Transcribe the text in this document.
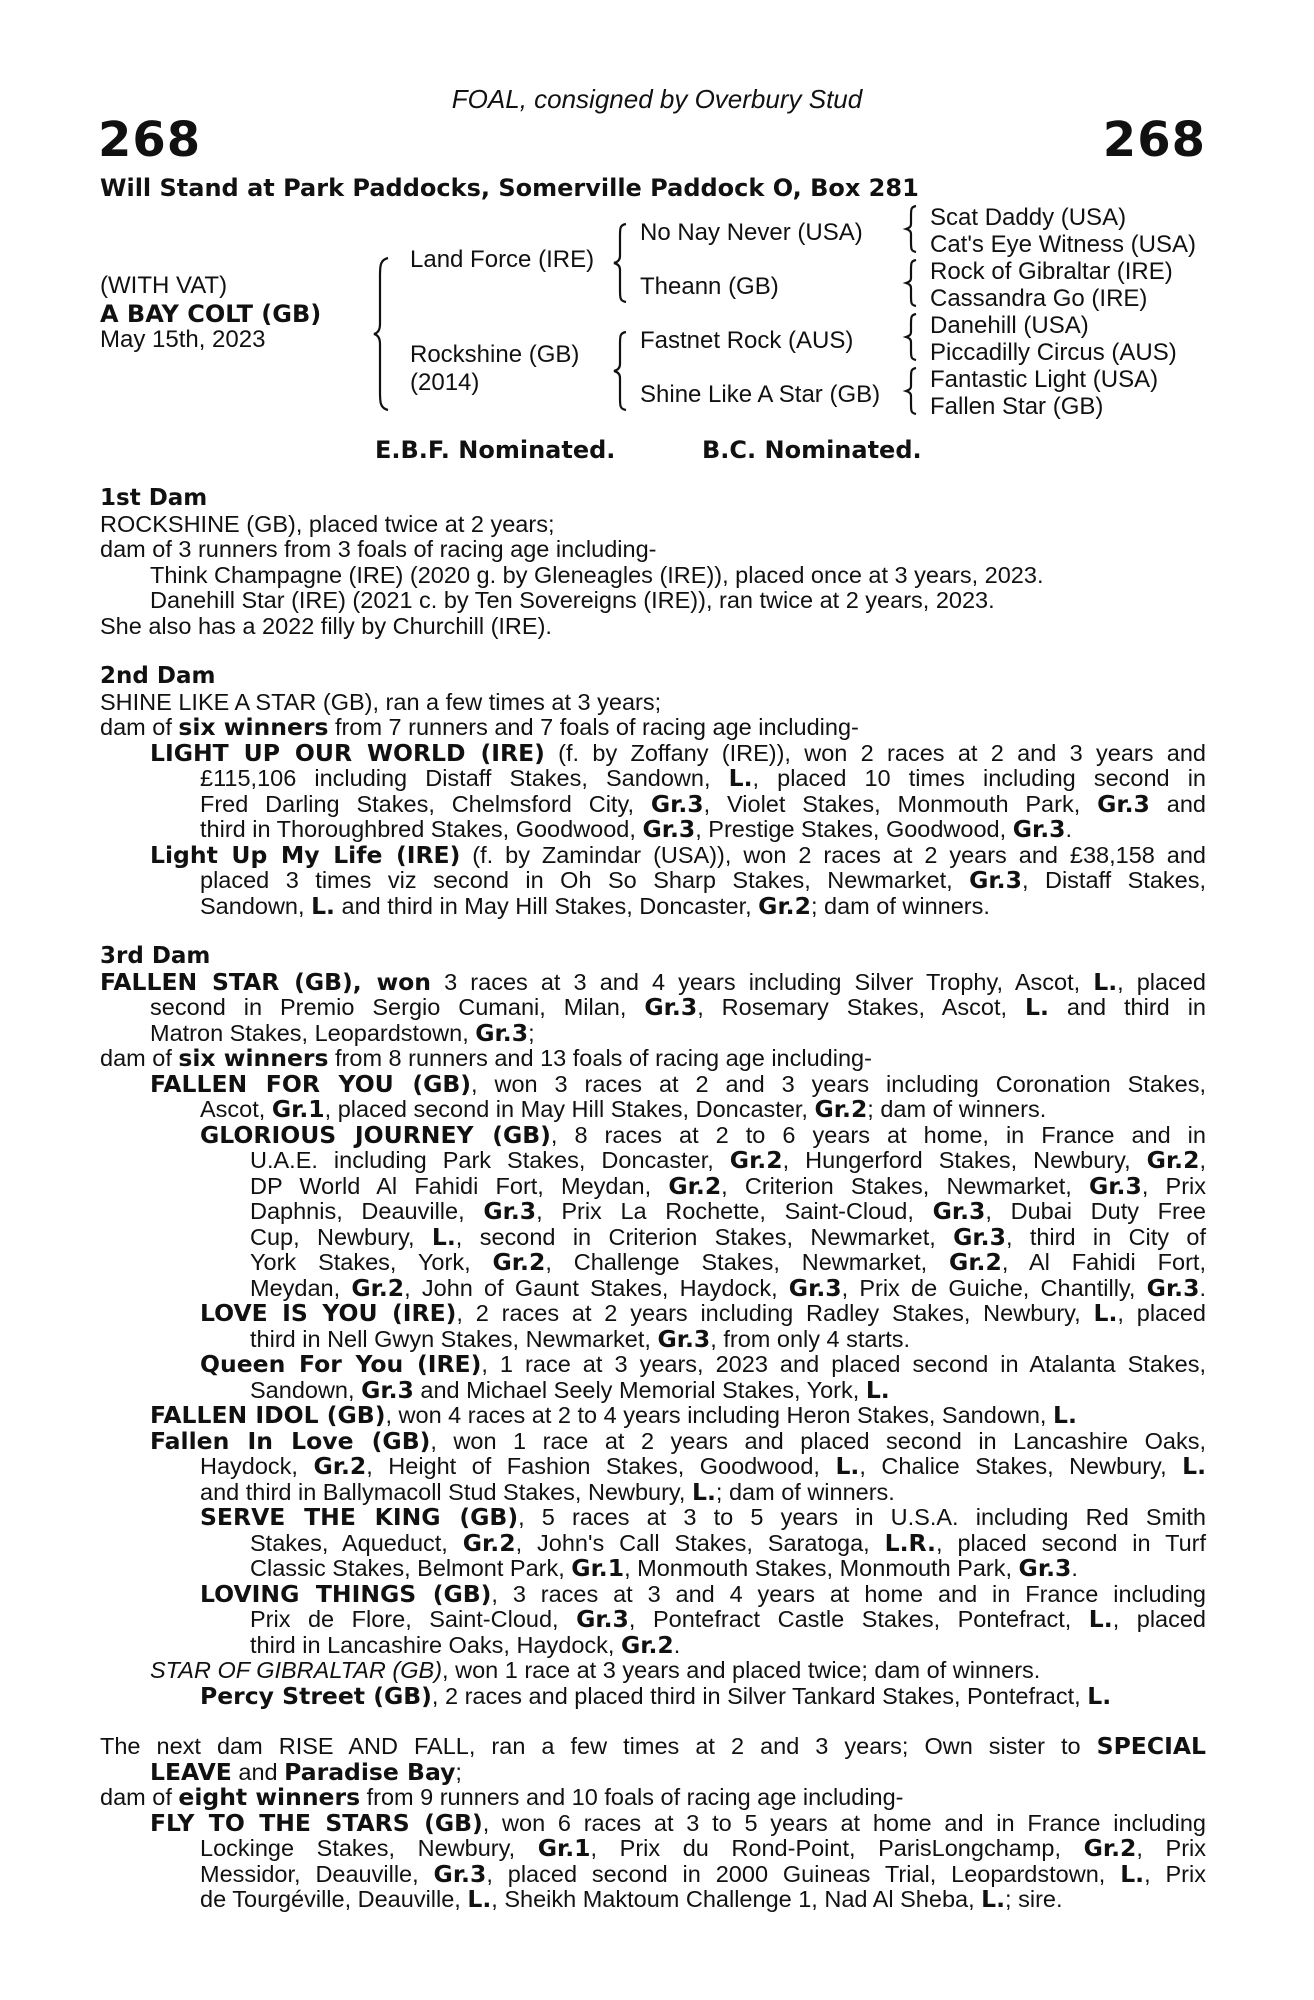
FOAL, consigned by Overbury Stud
268	268
Will Stand at Park Paddocks, Somerville Paddock O, Box 281
(WITH VAT)
A BAY COLT (GB)
May 15th, 2023
Land Force (IRE)
Rockshine (GB)
(2014)
No Nay Never (USA)
Theann (GB)
Fastnet Rock (AUS)
Shine Like A Star (GB)
Scat Daddy (USA)
Cat's Eye Witness (USA)
Rock of Gibraltar (IRE)
Cassandra Go (IRE)
Danehill (USA)
Piccadilly Circus (AUS)
Fantastic Light (USA)
Fallen Star (GB)
E.B.F. Nominated.	B.C. Nominated.
1st Dam
ROCKSHINE (GB), placed twice at 2 years;
dam of 3 runners from 3 foals of racing age including-
Think Champagne (IRE) (2020 g. by Gleneagles (IRE)), placed once at 3 years, 2023.
Danehill Star (IRE) (2021 c. by Ten Sovereigns (IRE)), ran twice at 2 years, 2023.
She also has a 2022 filly by Churchill (IRE).
2nd Dam
SHINE LIKE A STAR (GB), ran a few times at 3 years;
dam of six winners from 7 runners and 7 foals of racing age including-
LIGHT UP OUR WORLD (IRE) (f. by Zoffany (IRE)), won 2 races at 2 and 3 years and
£115,106 including Distaff Stakes, Sandown, L., placed 10 times including second in
Fred Darling Stakes, Chelmsford City, Gr.3, Violet Stakes, Monmouth Park, Gr.3 and
third in Thoroughbred Stakes, Goodwood, Gr.3, Prestige Stakes, Goodwood, Gr.3.
Light Up My Life (IRE) (f. by Zamindar (USA)), won 2 races at 2 years and £38,158 and
placed 3 times viz second in Oh So Sharp Stakes, Newmarket, Gr.3, Distaff Stakes,
Sandown, L. and third in May Hill Stakes, Doncaster, Gr.2; dam of winners.
3rd Dam
FALLEN STAR (GB), won 3 races at 3 and 4 years including Silver Trophy, Ascot, L., placed
second in Premio Sergio Cumani, Milan, Gr.3, Rosemary Stakes, Ascot, L. and third in
Matron Stakes, Leopardstown, Gr.3;
dam of six winners from 8 runners and 13 foals of racing age including-
FALLEN FOR YOU (GB), won 3 races at 2 and 3 years including Coronation Stakes,
Ascot, Gr.1, placed second in May Hill Stakes, Doncaster, Gr.2; dam of winners.
GLORIOUS JOURNEY (GB), 8 races at 2 to 6 years at home, in France and in
U.A.E. including Park Stakes, Doncaster, Gr.2, Hungerford Stakes, Newbury, Gr.2,
DP World Al Fahidi Fort, Meydan, Gr.2, Criterion Stakes, Newmarket, Gr.3, Prix
Daphnis, Deauville, Gr.3, Prix La Rochette, Saint-Cloud, Gr.3, Dubai Duty Free
Cup, Newbury, L., second in Criterion Stakes, Newmarket, Gr.3, third in City of
York Stakes, York, Gr.2, Challenge Stakes, Newmarket, Gr.2, Al Fahidi Fort,
Meydan, Gr.2, John of Gaunt Stakes, Haydock, Gr.3, Prix de Guiche, Chantilly, Gr.3.
LOVE IS YOU (IRE), 2 races at 2 years including Radley Stakes, Newbury, L., placed
third in Nell Gwyn Stakes, Newmarket, Gr.3, from only 4 starts.
Queen For You (IRE), 1 race at 3 years, 2023 and placed second in Atalanta Stakes,
Sandown, Gr.3 and Michael Seely Memorial Stakes, York, L.
FALLEN IDOL (GB), won 4 races at 2 to 4 years including Heron Stakes, Sandown, L.
Fallen In Love (GB), won 1 race at 2 years and placed second in Lancashire Oaks,
Haydock, Gr.2, Height of Fashion Stakes, Goodwood, L., Chalice Stakes, Newbury, L.
and third in Ballymacoll Stud Stakes, Newbury, L.; dam of winners.
SERVE THE KING (GB), 5 races at 3 to 5 years in U.S.A. including Red Smith
Stakes, Aqueduct, Gr.2, John's Call Stakes, Saratoga, L.R., placed second in Turf
Classic Stakes, Belmont Park, Gr.1, Monmouth Stakes, Monmouth Park, Gr.3.
LOVING THINGS (GB), 3 races at 3 and 4 years at home and in France including
Prix de Flore, Saint-Cloud, Gr.3, Pontefract Castle Stakes, Pontefract, L., placed
third in Lancashire Oaks, Haydock, Gr.2.
STAR OF GIBRALTAR (GB), won 1 race at 3 years and placed twice; dam of winners.
Percy Street (GB), 2 races and placed third in Silver Tankard Stakes, Pontefract, L.
The next dam RISE AND FALL, ran a few times at 2 and 3 years; Own sister to SPECIAL
LEAVE and Paradise Bay;
dam of eight winners from 9 runners and 10 foals of racing age including-
FLY TO THE STARS (GB), won 6 races at 3 to 5 years at home and in France including
Lockinge Stakes, Newbury, Gr.1, Prix du Rond-Point, ParisLongchamp, Gr.2, Prix
Messidor, Deauville, Gr.3, placed second in 2000 Guineas Trial, Leopardstown, L., Prix
de Tourgéville, Deauville, L., Sheikh Maktoum Challenge 1, Nad Al Sheba, L.; sire.
